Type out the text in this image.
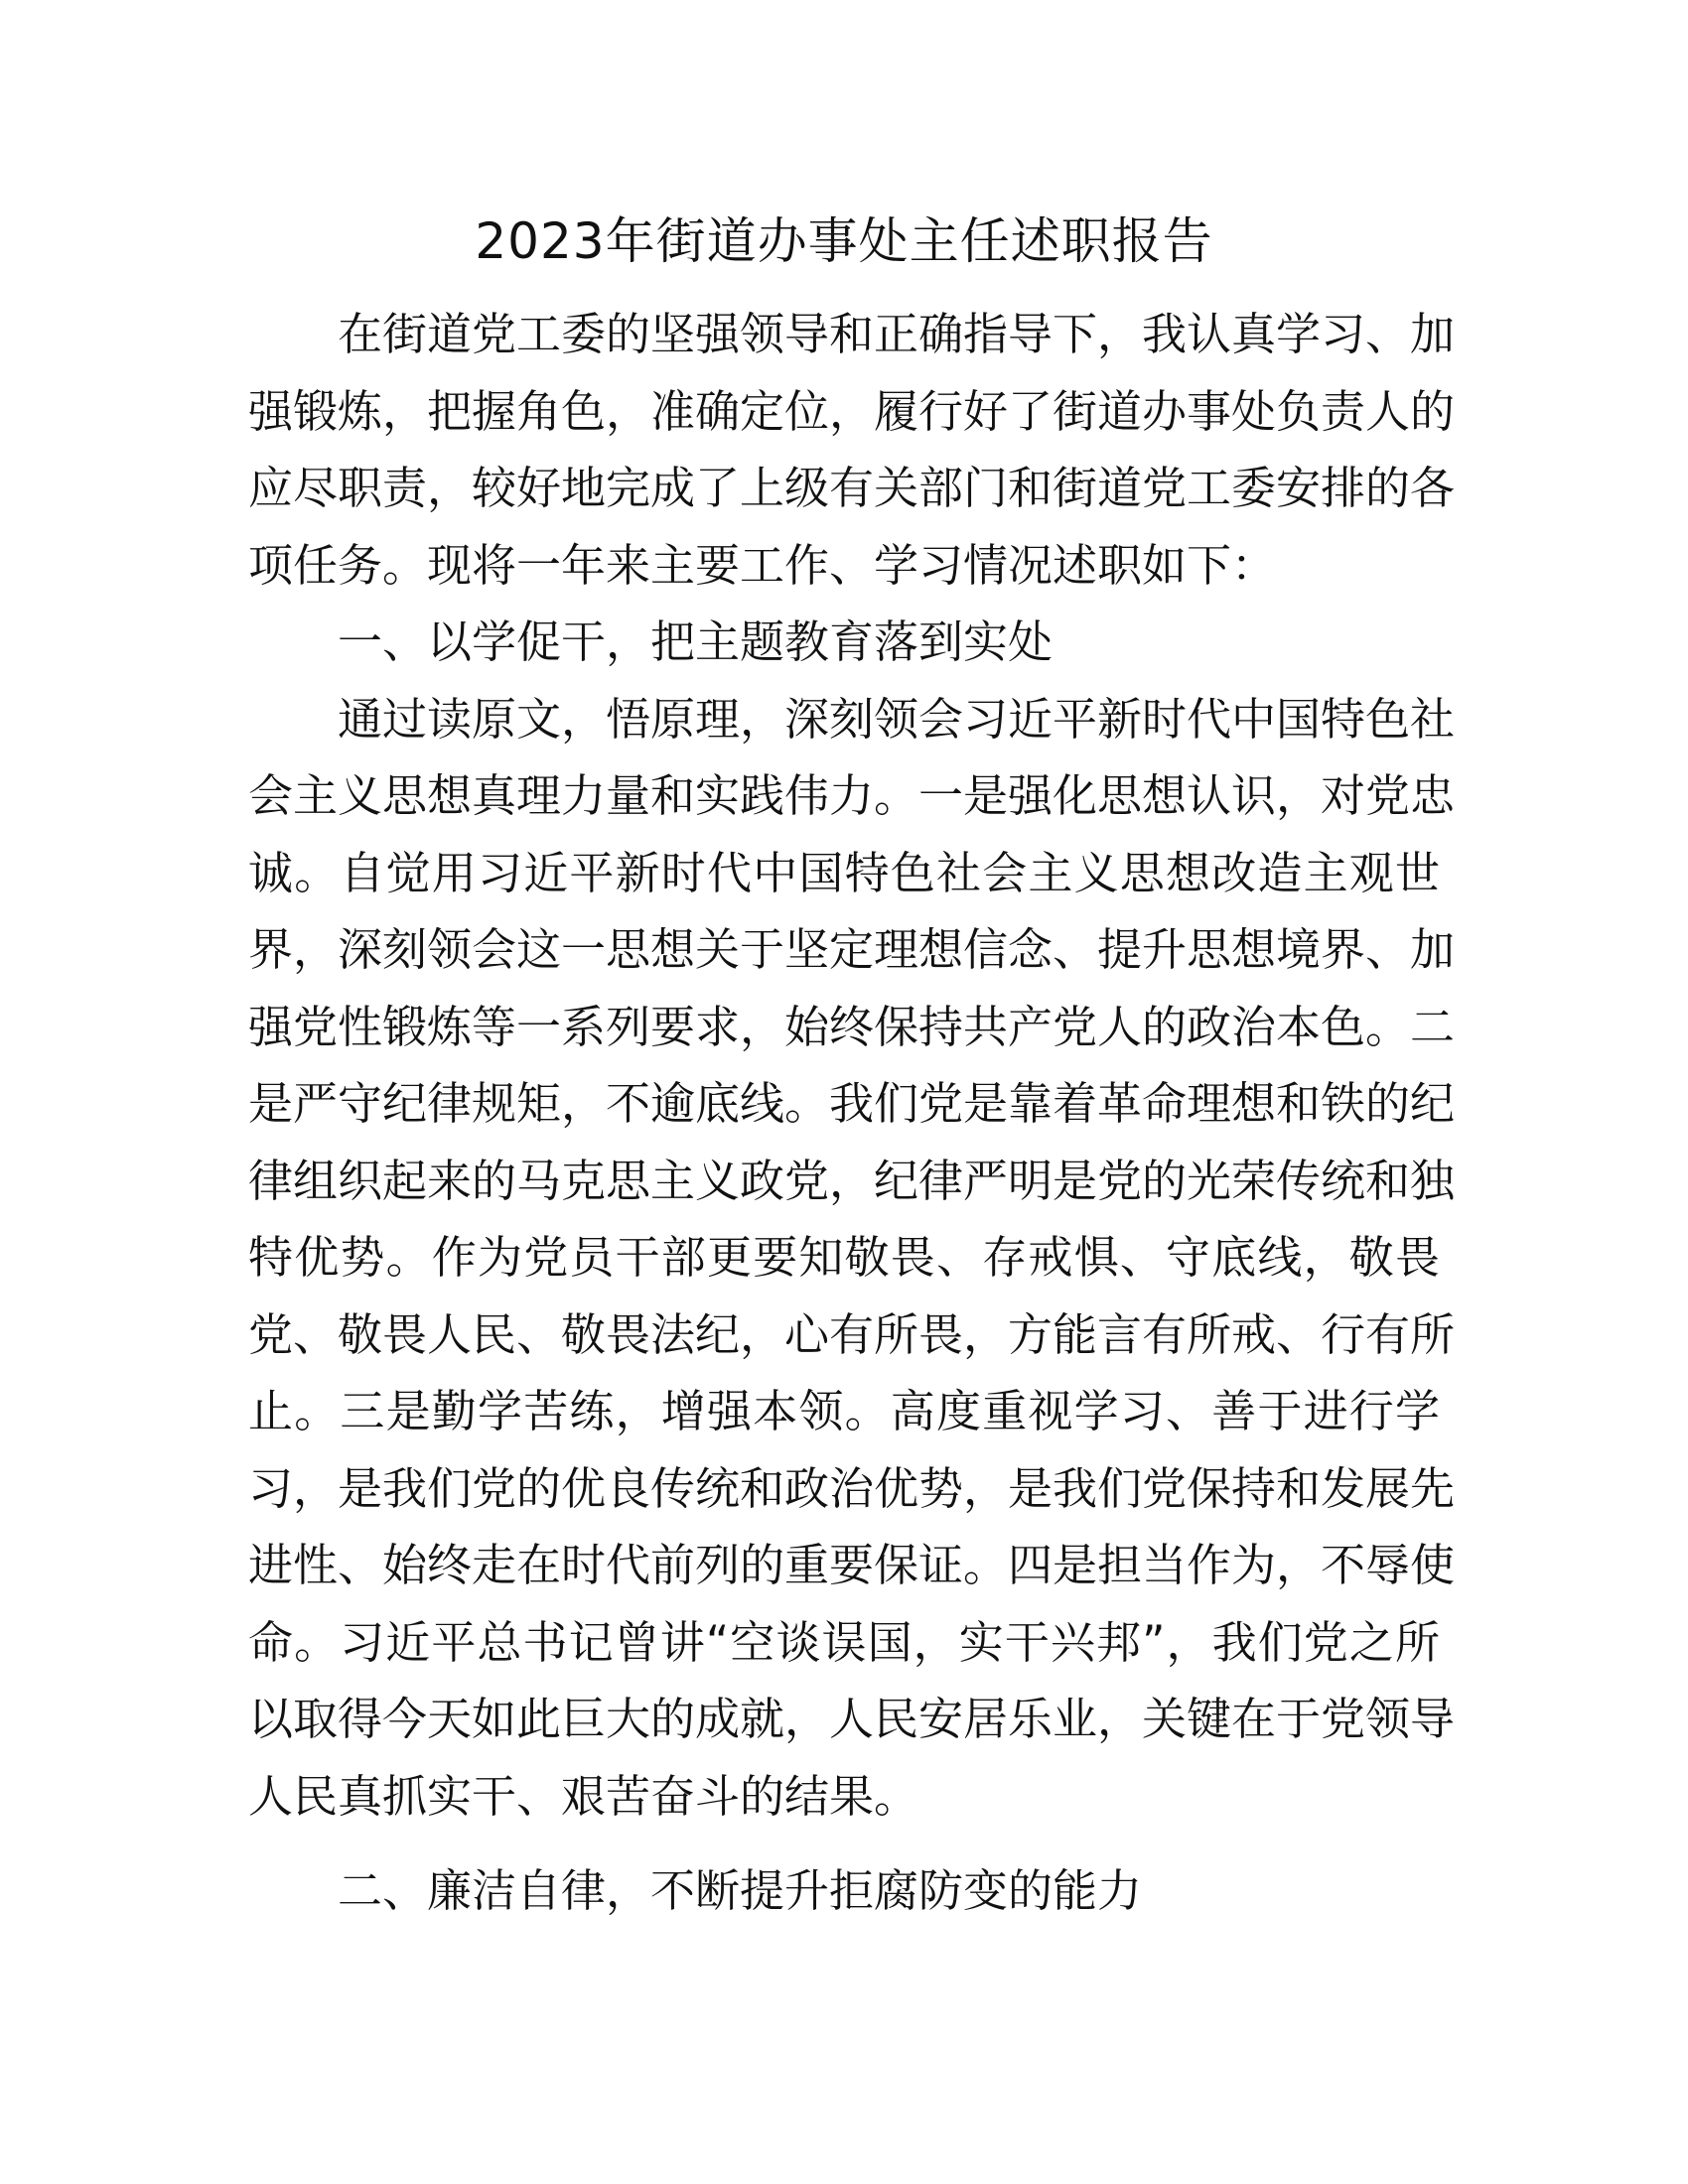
2023年街道办事处主任述职报告
在街道党工委的坚强领导和正确指导下，我认真学习、加
强锻炼，把握角色，准确定位，履行好了街道办事处负责人的
应尽职责，较好地完成了上级有关部门和街道党工委安排的各
项任务。现将一年来主要工作、学习情况述职如下：
一、以学促干，把主题教育落到实处
通过读原文，悟原理，深刻领会习近平新时代中国特色社
会主义思想真理力量和实践伟力。一是强化思想认识，对党忠
诚。自觉用习近平新时代中国特色社会主义思想改造主观世
界，深刻领会这一思想关于坚定理想信念、提升思想境界、加
强党性锻炼等一系列要求，始终保持共产党人的政治本色。二
是严守纪律规矩，不逾底线。我们党是靠着革命理想和铁的纪
律组织起来的马克思主义政党，纪律严明是党的光荣传统和独
特优势。作为党员干部更要知敬畏、存戒惧、守底线，敬畏
党、敬畏人民、敬畏法纪，心有所畏，方能言有所戒、行有所
止。三是勤学苦练，增强本领。高度重视学习、善于进行学
习，是我们党的优良传统和政治优势，是我们党保持和发展先
进性、始终走在时代前列的重要保证。四是担当作为，不辱使
命。习近平总书记曾讲“空谈误国，实干兴邦”，我们党之所
以取得今天如此巨大的成就，人民安居乐业，关键在于党领导
人民真抓实干、艰苦奋斗的结果。
二、廉洁自律，不断提升拒腐防变的能力
